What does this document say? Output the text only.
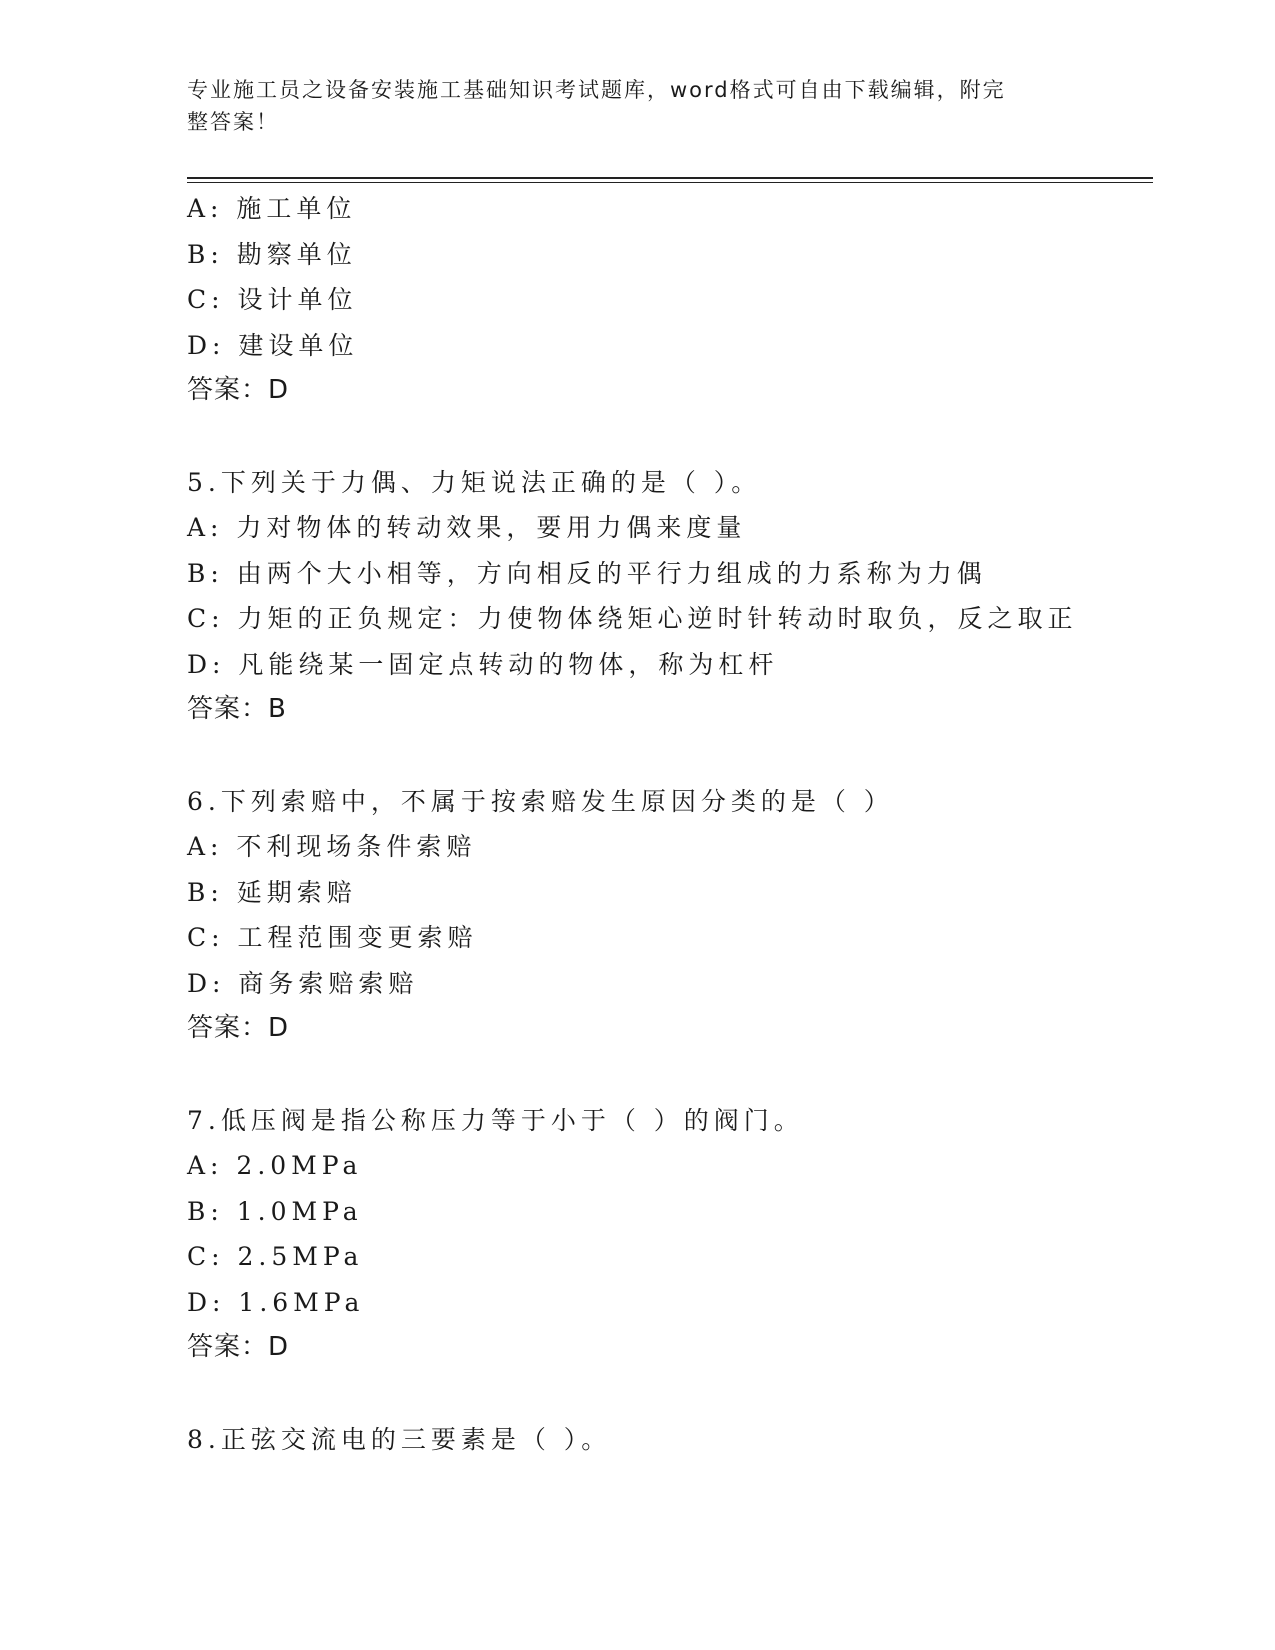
专业施工员之设备安装施工基础知识考试题库，word格式可自由下载编辑，附完
整答案！
A: 施工单位
B: 勘察单位
C: 设计单位
D: 建设单位
答案：D
5.下列关于力偶、力矩说法正确的是（ ）。
A: 力对物体的转动效果，要用力偶来度量
B: 由两个大小相等，方向相反的平行力组成的力系称为力偶
C: 力矩的正负规定：力使物体绕矩心逆时针转动时取负，反之取正
D: 凡能绕某一固定点转动的物体，称为杠杆
答案：B
6.下列索赔中，不属于按索赔发生原因分类的是（ ）
A: 不利现场条件索赔
B: 延期索赔
C: 工程范围变更索赔
D: 商务索赔索赔
答案：D
7.低压阀是指公称压力等于小于（ ）的阀门。
A: 2.0MPa
B: 1.0MPa
C: 2.5MPa
D: 1.6MPa
答案：D
8.正弦交流电的三要素是（ ）。
